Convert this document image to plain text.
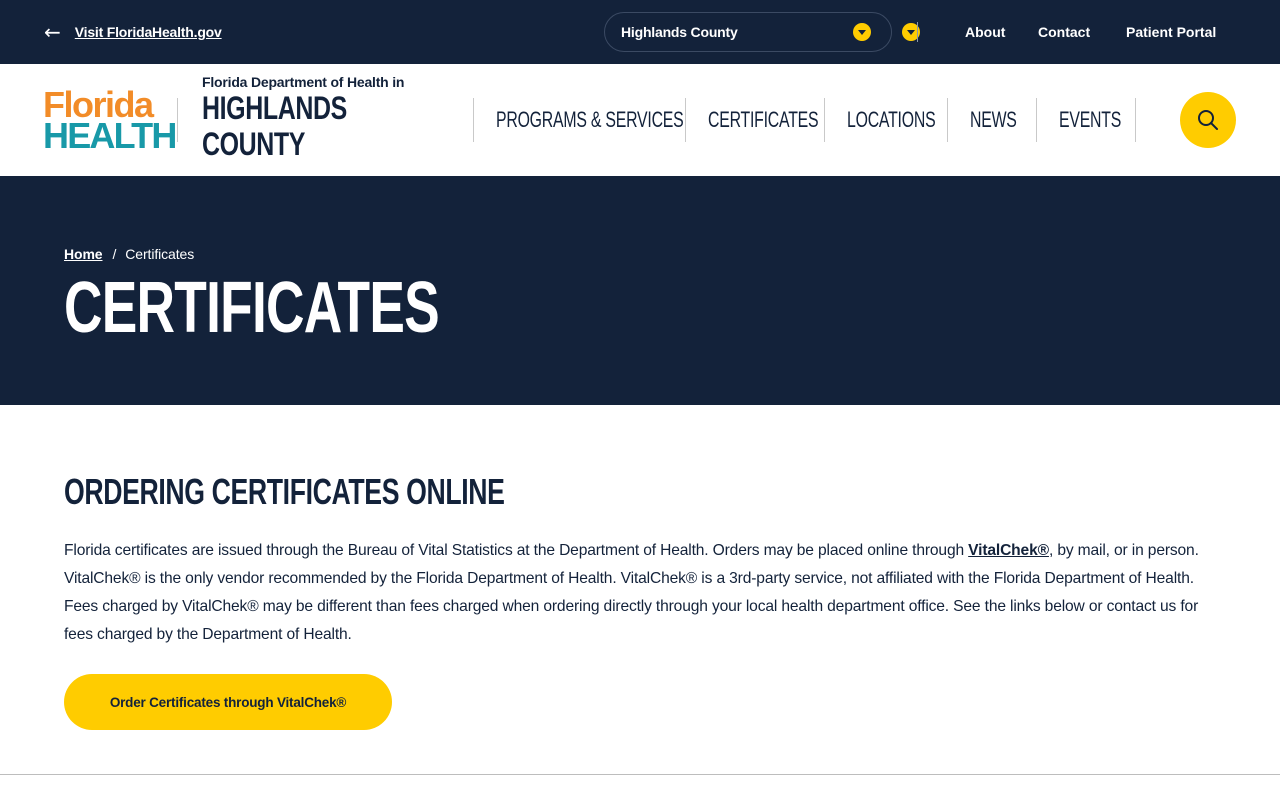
← Visit FloridaHealth.gov	Highlands County	About Contact	Patient Portal
Florida
HEALTH
Florida Department of Health in
HIGHLANDS COUNTY
PROGRAMS & SERVICES CERTIFICATES LOCATIONS NEWS EVENTS
Home / Certificates
CERTIFICATES
ORDERING CERTIFICATES ONLINE

Florida certificates are issued through the Bureau of Vital Statistics at the Department of Health. Orders may be placed online through VitalChek®, by mail, or in person. VitalChek® is the only vendor recommended by the Florida Department of Health. VitalChek® is a 3rd-party service, not affiliated with the Florida Department of Health. Fees charged by VitalChek® may be different than fees charged when ordering directly through your local health department office. See the links below or contact us for fees charged by the Department of Health.

Order Certificates through VitalChek®
